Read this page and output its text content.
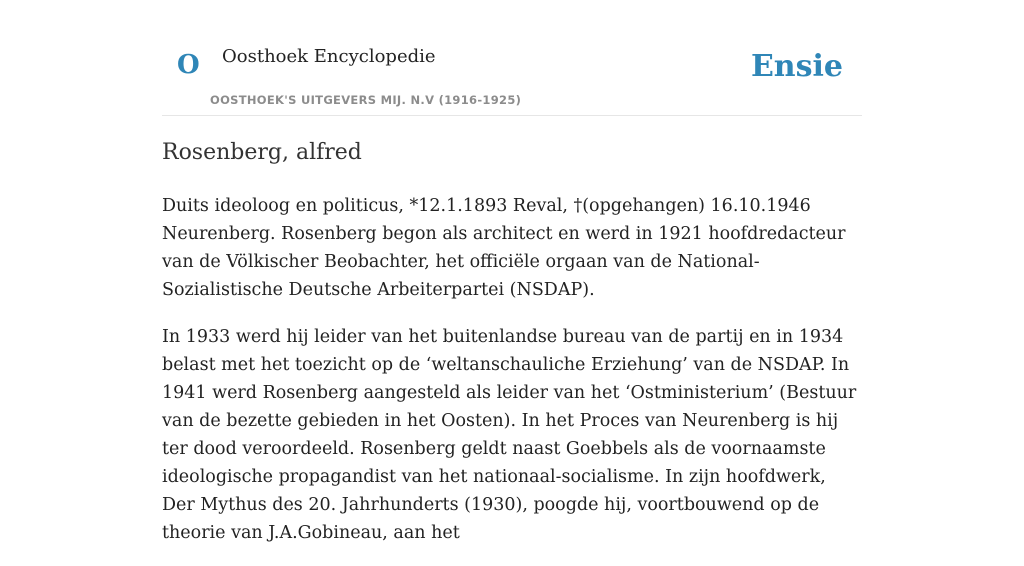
O Oosthoek Encyclopedie
OOSTHOEK'S UITGEVERS MIJ. N.V (1916-1925)
Ensie
Rosenberg, alfred

Duits ideoloog en politicus, *12.1.1893 Reval, †(opgehangen) 16.10.1946 Neurenberg. Rosenberg begon als architect en werd in 1921 hoofdredacteur van de Völkischer Beobachter, het officiële orgaan van de National-Sozialistische Deutsche Arbeiterpartei (NSDAP).

In 1933 werd hij leider van het buitenlandse bureau van de partij en in 1934 belast met het toezicht op de ‘weltanschauliche Erziehung’ van de NSDAP. In 1941 werd Rosenberg aangesteld als leider van het ‘Ostministerium’ (Bestuur van de bezette gebieden in het Oosten). In het Proces van Neurenberg is hij ter dood veroordeeld. Rosenberg geldt naast Goebbels als de voornaamste ideologische propagandist van het nationaal-socialisme. In zijn hoofdwerk, Der Mythus des 20. Jahrhunderts (1930), poogde hij, voortbouwend op de theorie van J.A.Gobineau, aan het
